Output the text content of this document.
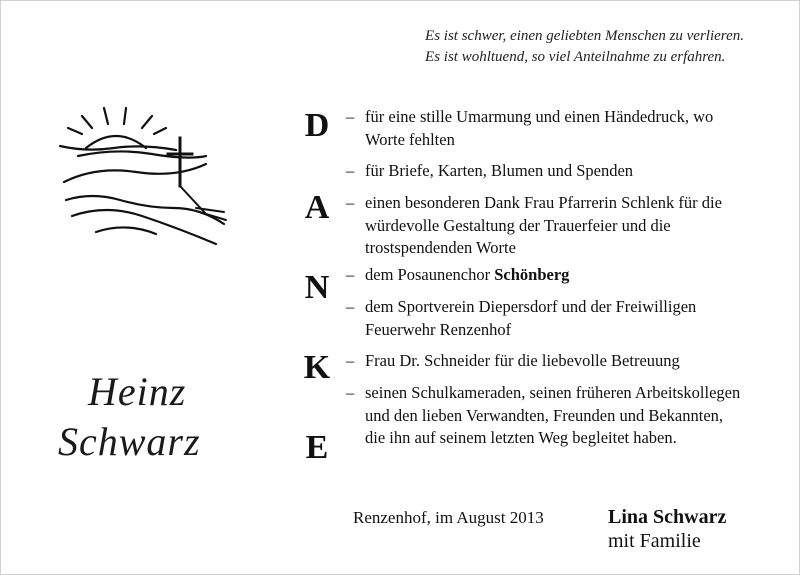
Es ist schwer, einen geliebten Menschen zu verlieren.
Es ist wohltuend, so viel Anteilnahme zu erfahren.
Heinz
Schwarz
D
A
N
K
E
– für eine stille Umarmung und einen Händedruck, wo Worte fehlten
– für Briefe, Karten, Blumen und Spenden
– einen besonderen Dank Frau Pfarrerin Schlenk für die würdevolle Gestaltung der Trauerfeier und die trostspendenden Worte
– dem Posaunenchor Schönberg
– dem Sportverein Diepersdorf und der Freiwilligen Feuerwehr Renzenhof
– Frau Dr. Schneider für die liebevolle Betreuung
– seinen Schulkameraden, seinen früheren Arbeitskollegen und den lieben Verwandten, Freunden und Bekannten, die ihn auf seinem letzten Weg begleitet haben.
Renzenhof, im August 2013	Lina Schwarz
mit Familie
